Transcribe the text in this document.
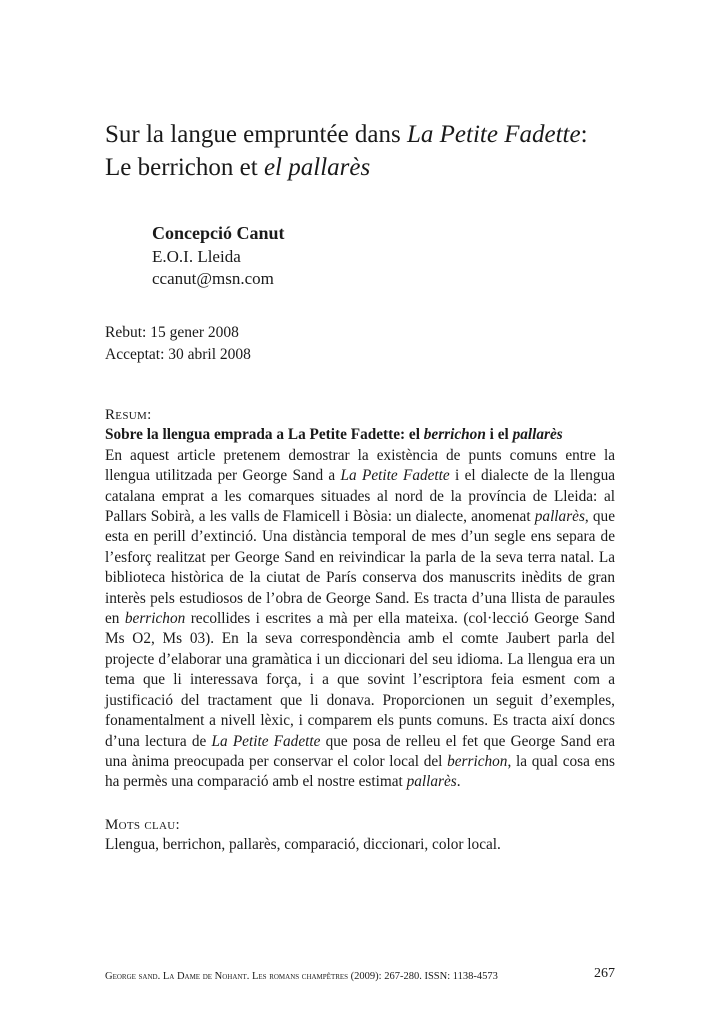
Sur la langue empruntée dans La Petite Fadette:
Le berrichon et el pallarès
Concepció Canut
E.O.I. Lleida
ccanut@msn.com
Rebut: 15 gener 2008
Acceptat: 30 abril 2008
Resum:
Sobre la llengua emprada a La Petite Fadette: el berrichon i el pallarès
En aquest article pretenem demostrar la existència de punts comuns entre la llengua utilitzada per George Sand a La Petite Fadette i el dialecte de la llengua catalana emprat a les comarques situades al nord de la província de Lleida: al Pallars Sobirà, a les valls de Flamicell i Bòsia: un dialecte, anomenat pallarès, que esta en perill d’extinció. Una distància temporal de mes d’un segle ens separa de l’esforç realitzat per George Sand en reivindicar la parla de la seva terra natal. La biblioteca històrica de la ciutat de París conserva dos manuscrits inèdits de gran interès pels estudiosos de l’obra de George Sand. Es tracta d’una llista de paraules en berrichon recollides i escrites a mà per ella mateixa. (col·lecció George Sand Ms O2, Ms 03). En la seva correspondència amb el comte Jaubert parla del projecte d’elaborar una gramàtica i un diccionari del seu idioma. La llengua era un tema que li interessava força, i a que sovint l’escriptora feia esment com a justificació del tractament que li donava. Proporcionen un seguit d’exemples, fonamentalment a nivell lèxic, i comparem els punts comuns. Es tracta així doncs d’una lectura de La Petite Fadette que posa de relleu el fet que George Sand era una ànima preocupada per conservar el color local del berrichon, la qual cosa ens ha permès una comparació amb el nostre estimat pallarès.
Mots clau:
Llengua, berrichon, pallarès, comparació, diccionari, color local.
George sand. La Dame de Nohant. Les romans champêtres (2009): 267-280. ISSN: 1138-4573	267
